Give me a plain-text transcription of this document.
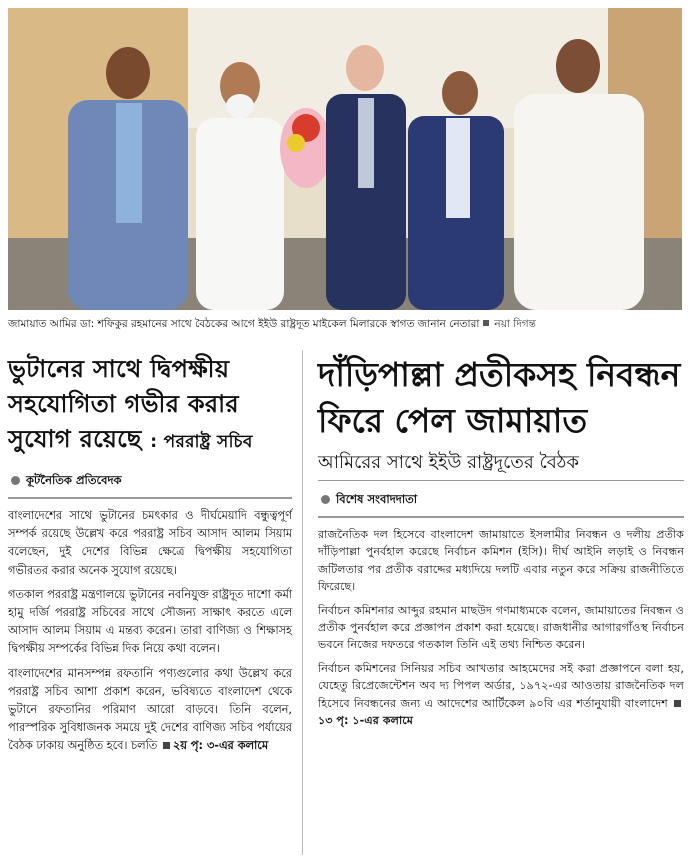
জামায়াত আমির ডা: শফিকুর রহমানের সাথে বৈঠকের আগে ইইউ রাষ্ট্রদূত মাইকেল মিলারকে স্বাগত জানান নেতারা নয়া দিগন্ত
ভুটানের সাথে দ্বিপক্ষীয় সহযোগিতা গভীর করার সুযোগ রয়েছে : পররাষ্ট্র সচিব
কূটনৈতিক প্রতিবেদক

বাংলাদেশের সাথে ভুটানের চমৎকার ও দীর্ঘমেয়াদি বন্ধুত্বপূর্ণ সম্পর্ক রয়েছে উল্লেখ করে পররাষ্ট্র সচিব আসাদ আলম সিয়াম বলেছেন, দুই দেশের বিভিন্ন ক্ষেত্রে দ্বিপক্ষীয় সহযোগিতা গভীরতর করার অনেক সুযোগ রয়েছে।

গতকাল পররাষ্ট্র মন্ত্রণালয়ে ভুটানের নবনিযুক্ত রাষ্ট্রদূত দাশো কর্মা হামু দর্জি পররাষ্ট্র সচিবের সাথে সৌজন্য সাক্ষাৎ করতে এলে আসাদ আলম সিয়াম এ মন্তব্য করেন। তারা বাণিজ্য ও শিক্ষাসহ দ্বিপক্ষীয় সম্পর্কের বিভিন্ন দিক নিয়ে কথা বলেন।

বাংলাদেশের মানসম্পন্ন রফতানি পণ্যগুলোর কথা উল্লেখ করে পররাষ্ট্র সচিব আশা প্রকাশ করেন, ভবিষ্যতে বাংলাদেশ থেকে ভুটানে রফতানির পরিমাণ আরো বাড়বে। তিনি বলেন, পারস্পরিক সুবিধাজনক সময়ে দুই দেশের বাণিজ্য সচিব পর্যায়ের বৈঠক ঢাকায় অনুষ্ঠিত হবে। চলতি ২য় পৃ: ৩-এর কলামে

দাঁড়িপাল্লা প্রতীকসহ নিবন্ধন ফিরে পেল জামায়াত
আমিরের সাথে ইইউ রাষ্ট্রদূতের বৈঠক
বিশেষ সংবাদদাতা

রাজনৈতিক দল হিসেবে বাংলাদেশ জামায়াতে ইসলামীর নিবন্ধন ও দলীয় প্রতীক দাঁড়িপাল্লা পুনর্বহাল করেছে নির্বাচন কমিশন (ইসি)। দীর্ঘ আইনি লড়াই ও নিবন্ধন জটিলতার পর প্রতীক বরাদ্দের মধ্যদিয়ে দলটি এবার নতুন করে সক্রিয় রাজনীতিতে ফিরেছে।

নির্বাচন কমিশনার আব্দুর রহমান মাছউদ গণমাধ্যমকে বলেন, জামায়াতের নিবন্ধন ও প্রতীক পুনর্বহাল করে প্রজ্ঞাপন প্রকাশ করা হয়েছে। রাজধানীর আগারগাঁওস্থ নির্বাচন ভবনে নিজের দফতরে গতকাল তিনি এই তথ্য নিশ্চিত করেন।

নির্বাচন কমিশনের সিনিয়র সচিব আখতার আহমেদের সই করা প্রজ্ঞাপনে বলা হয়, যেহেতু রিপ্রেজেন্টেশন অব দ্য পিপল অর্ডার, ১৯৭২-এর আওতায় রাজনৈতিক দল হিসেবে নিবন্ধনের জন্য এ আদেশের আর্টিকেল ৯০বি এর শর্তানুযায়ী বাংলাদেশ ১৩ পৃ: ১-এর কলামে
